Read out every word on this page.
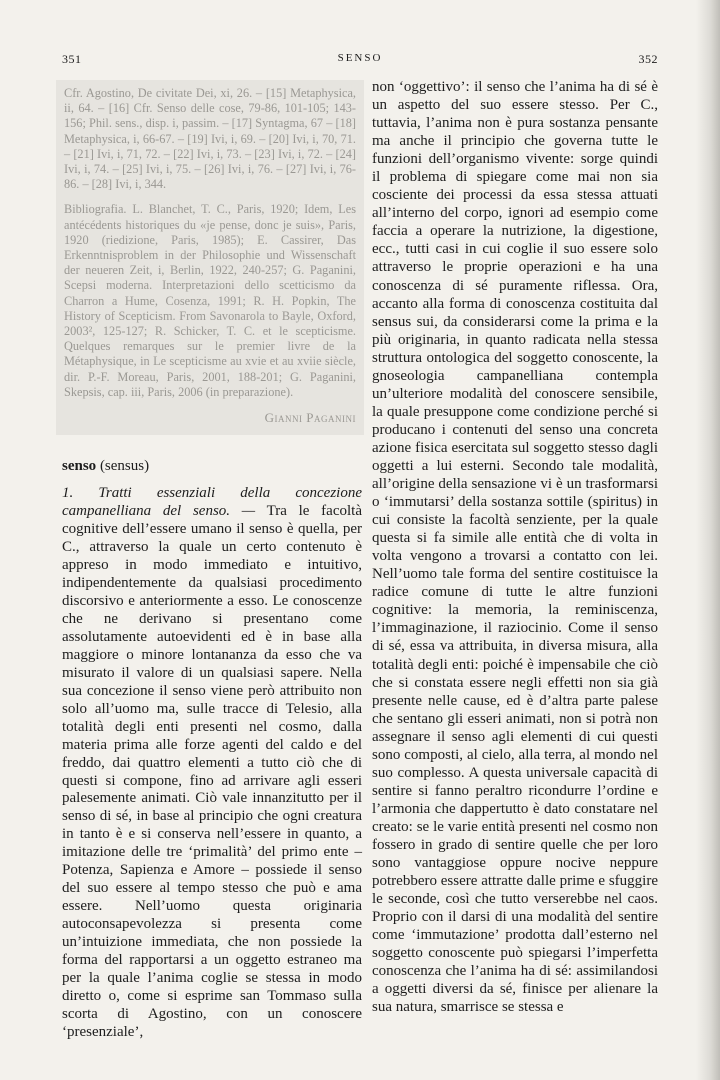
351	SENSO	352

Cfr. Agostino, De civitate Dei, xi, 26. – [15] Metaphysica, ii, 64. – [16] Cfr. Senso delle cose, 79-86, 101-105; 143-156; Phil. sens., disp. i, passim. – [17] Syntagma, 67 – [18] Metaphysica, i, 66-67. – [19] Ivi, i, 69. – [20] Ivi, i, 70, 71. – [21] Ivi, i, 71, 72. – [22] Ivi, i, 73. – [23] Ivi, i, 72. – [24] Ivi, i, 74. – [25] Ivi, i, 75. – [26] Ivi, i, 76. – [27] Ivi, i, 76-86. – [28] Ivi, i, 344.

Bibliografia. L. Blanchet, T. C., Paris, 1920; Idem, Les antécédents historiques du «je pense, donc je suis», Paris, 1920 (riedizione, Paris, 1985); E. Cassirer, Das Erkenntnisproblem in der Philosophie und Wissenschaft der neueren Zeit, i, Berlin, 1922, 240-257; G. Paganini, Scepsi moderna. Interpretazioni dello scetticismo da Charron a Hume, Cosenza, 1991; R. H. Popkin, The History of Scepticism. From Savonarola to Bayle, Oxford, 2003², 125-127; R. Schicker, T. C. et le scepticisme. Quelques remarques sur le premier livre de la Métaphysique, in Le scepticisme au xvie et au xviie siècle, dir. P.-F. Moreau, Paris, 2001, 188-201; G. Paganini, Skepsis, cap. iii, Paris, 2006 (in preparazione).

Gianni Paganini
senso (sensus)

1. Tratti essenziali della concezione campanelliana del senso. — Tra le facoltà cognitive dell’essere umano il senso è quella, per C., attraverso la quale un certo contenuto è appreso in modo immediato e intuitivo, indipendentemente da qualsiasi procedimento discorsivo e anteriormente a esso. Le conoscenze che ne derivano si presentano come assolutamente autoevidenti ed è in base alla maggiore o minore lontananza da esso che va misurato il valore di un qualsiasi sapere. Nella sua concezione il senso viene però attribuito non solo all’uomo ma, sulle tracce di Telesio, alla totalità degli enti presenti nel cosmo, dalla materia prima alle forze agenti del caldo e del freddo, dai quattro elementi a tutto ciò che di questi si compone, fino ad arrivare agli esseri palesemente animati. Ciò vale innanzitutto per il senso di sé, in base al principio che ogni creatura in tanto è e si conserva nell’essere in quanto, a imitazione delle tre ‘primalità’ del primo ente – Potenza, Sapienza e Amore – possiede il senso del suo essere al tempo stesso che può e ama essere. Nell’uomo questa originaria autoconsapevolezza si presenta come un’intuizione immediata, che non possiede la forma del rapportarsi a un oggetto estraneo ma per la quale l’anima coglie se stessa in modo diretto o, come si esprime san Tommaso sulla scorta di Agostino, con un conoscere ‘presenziale’,

non ‘oggettivo’: il senso che l’anima ha di sé è un aspetto del suo essere stesso. Per C., tuttavia, l’anima non è pura sostanza pensante ma anche il principio che governa tutte le funzioni dell’organismo vivente: sorge quindi il problema di spiegare come mai non sia cosciente dei processi da essa stessa attuati all’interno del corpo, ignori ad esempio come faccia a operare la nutrizione, la digestione, ecc., tutti casi in cui coglie il suo essere solo attraverso le proprie operazioni e ha una conoscenza di sé puramente riflessa. Ora, accanto alla forma di conoscenza costituita dal sensus sui, da considerarsi come la prima e la più originaria, in quanto radicata nella stessa struttura ontologica del soggetto conoscente, la gnoseologia campanelliana contempla un’ulteriore modalità del conoscere sensibile, la quale presuppone come condizione perché si producano i contenuti del senso una concreta azione fisica esercitata sul soggetto stesso dagli oggetti a lui esterni. Secondo tale modalità, all’origine della sensazione vi è un trasformarsi o ‘immutarsi’ della sostanza sottile (spiritus) in cui consiste la facoltà senziente, per la quale questa si fa simile alle entità che di volta in volta vengono a trovarsi a contatto con lei. Nell’uomo tale forma del sentire costituisce la radice comune di tutte le altre funzioni cognitive: la memoria, la reminiscenza, l’immaginazione, il raziocinio. Come il senso di sé, essa va attribuita, in diversa misura, alla totalità degli enti: poiché è impensabile che ciò che si constata essere negli effetti non sia già presente nelle cause, ed è d’altra parte palese che sentano gli esseri animati, non si potrà non assegnare il senso agli elementi di cui questi sono composti, al cielo, alla terra, al mondo nel suo complesso. A questa universale capacità di sentire si fanno peraltro ricondurre l’ordine e l’armonia che dappertutto è dato constatare nel creato: se le varie entità presenti nel cosmo non fossero in grado di sentire quelle che per loro sono vantaggiose oppure nocive neppure potrebbero essere attratte dalle prime e sfuggire le seconde, così che tutto verserebbe nel caos. Proprio con il darsi di una modalità del sentire come ‘immutazione’ prodotta dall’esterno nel soggetto conoscente può spiegarsi l’imperfetta conoscenza che l’anima ha di sé: assimilandosi a oggetti diversi da sé, finisce per alienare la sua natura, smarrisce se stessa e
